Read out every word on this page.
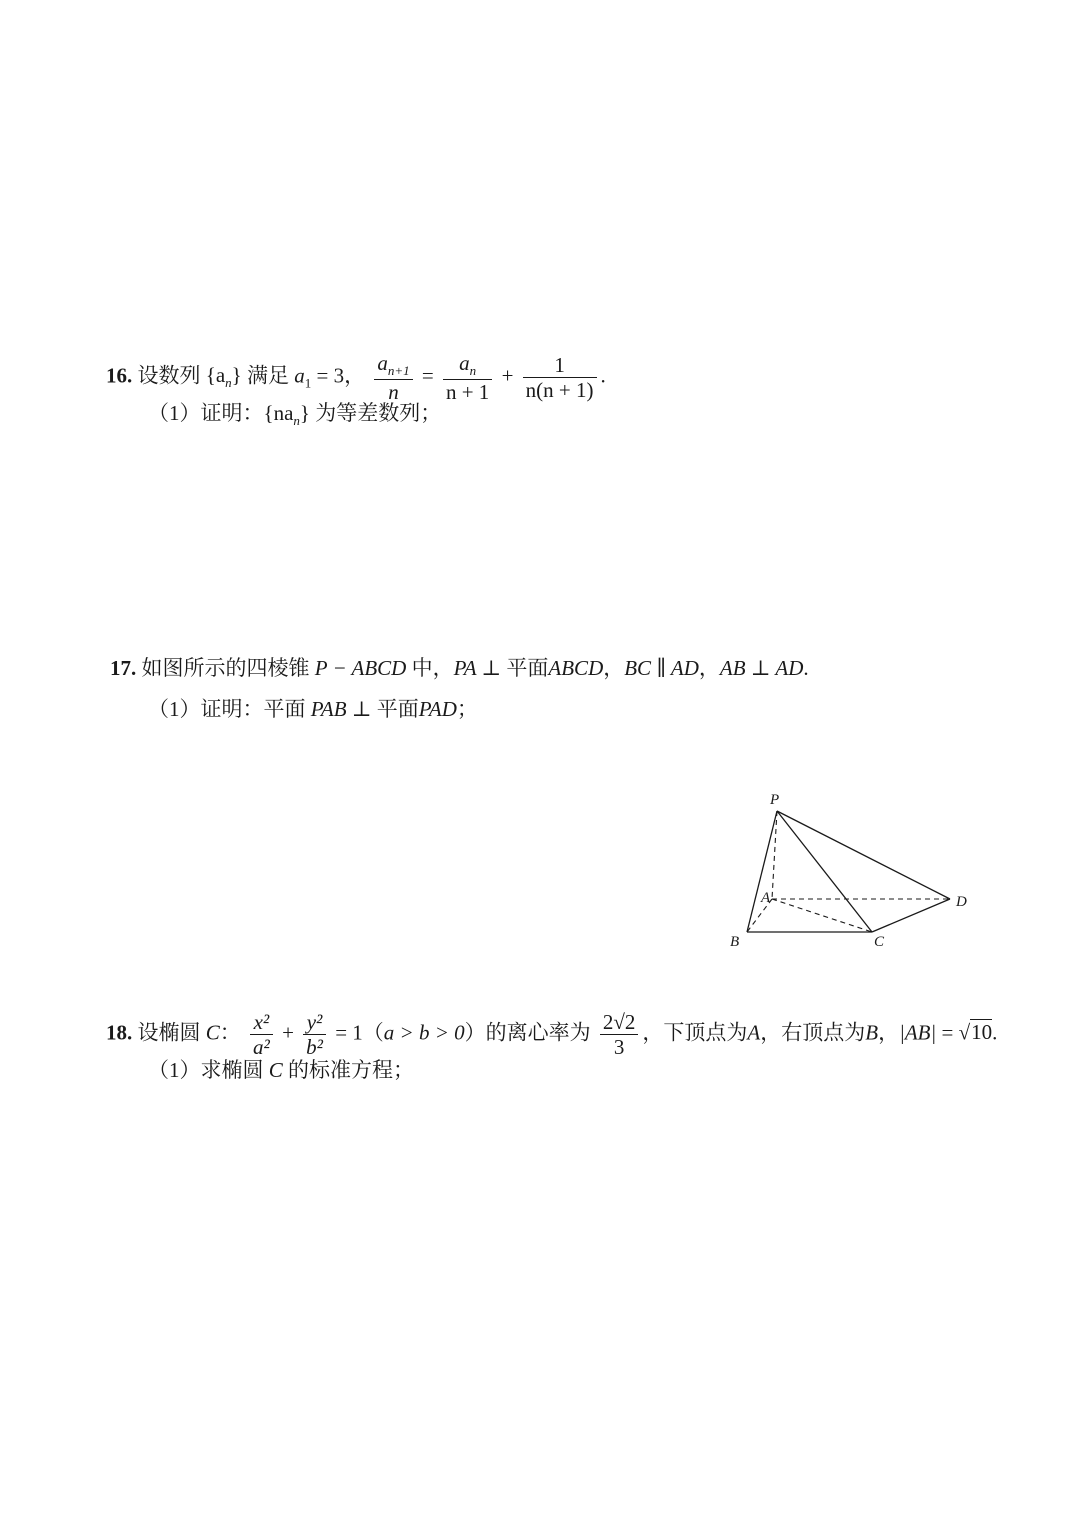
16. 设数列 $\{a_n\}$ 满足 $a_1 = 3$， $\frac{a_{n+1}}{n} = \frac{a_n}{n + 1} + \frac{1}{n(n + 1)}$ .
（1）证明：$\{na_n\}$ 为等差数列；
17. 如图所示的四棱锥 P − ABCD 中，PA ⊥ 平面ABCD，BC ∥ AD，AB ⊥ AD.
（1）证明：平面 PAB ⊥ 平面PAD；
P
A
B	C
D
18. 设椭圆 C： $\frac{\text{x²}}{\text{a²}} + \frac{\text{y²}}{\text{b²}} = 1(a > b > 0)$的离心率为 $\frac{2√2}{3}$ ，下顶点为A，右顶点为B，|AB| = √10.
（1）求椭圆 C 的标准方程；
